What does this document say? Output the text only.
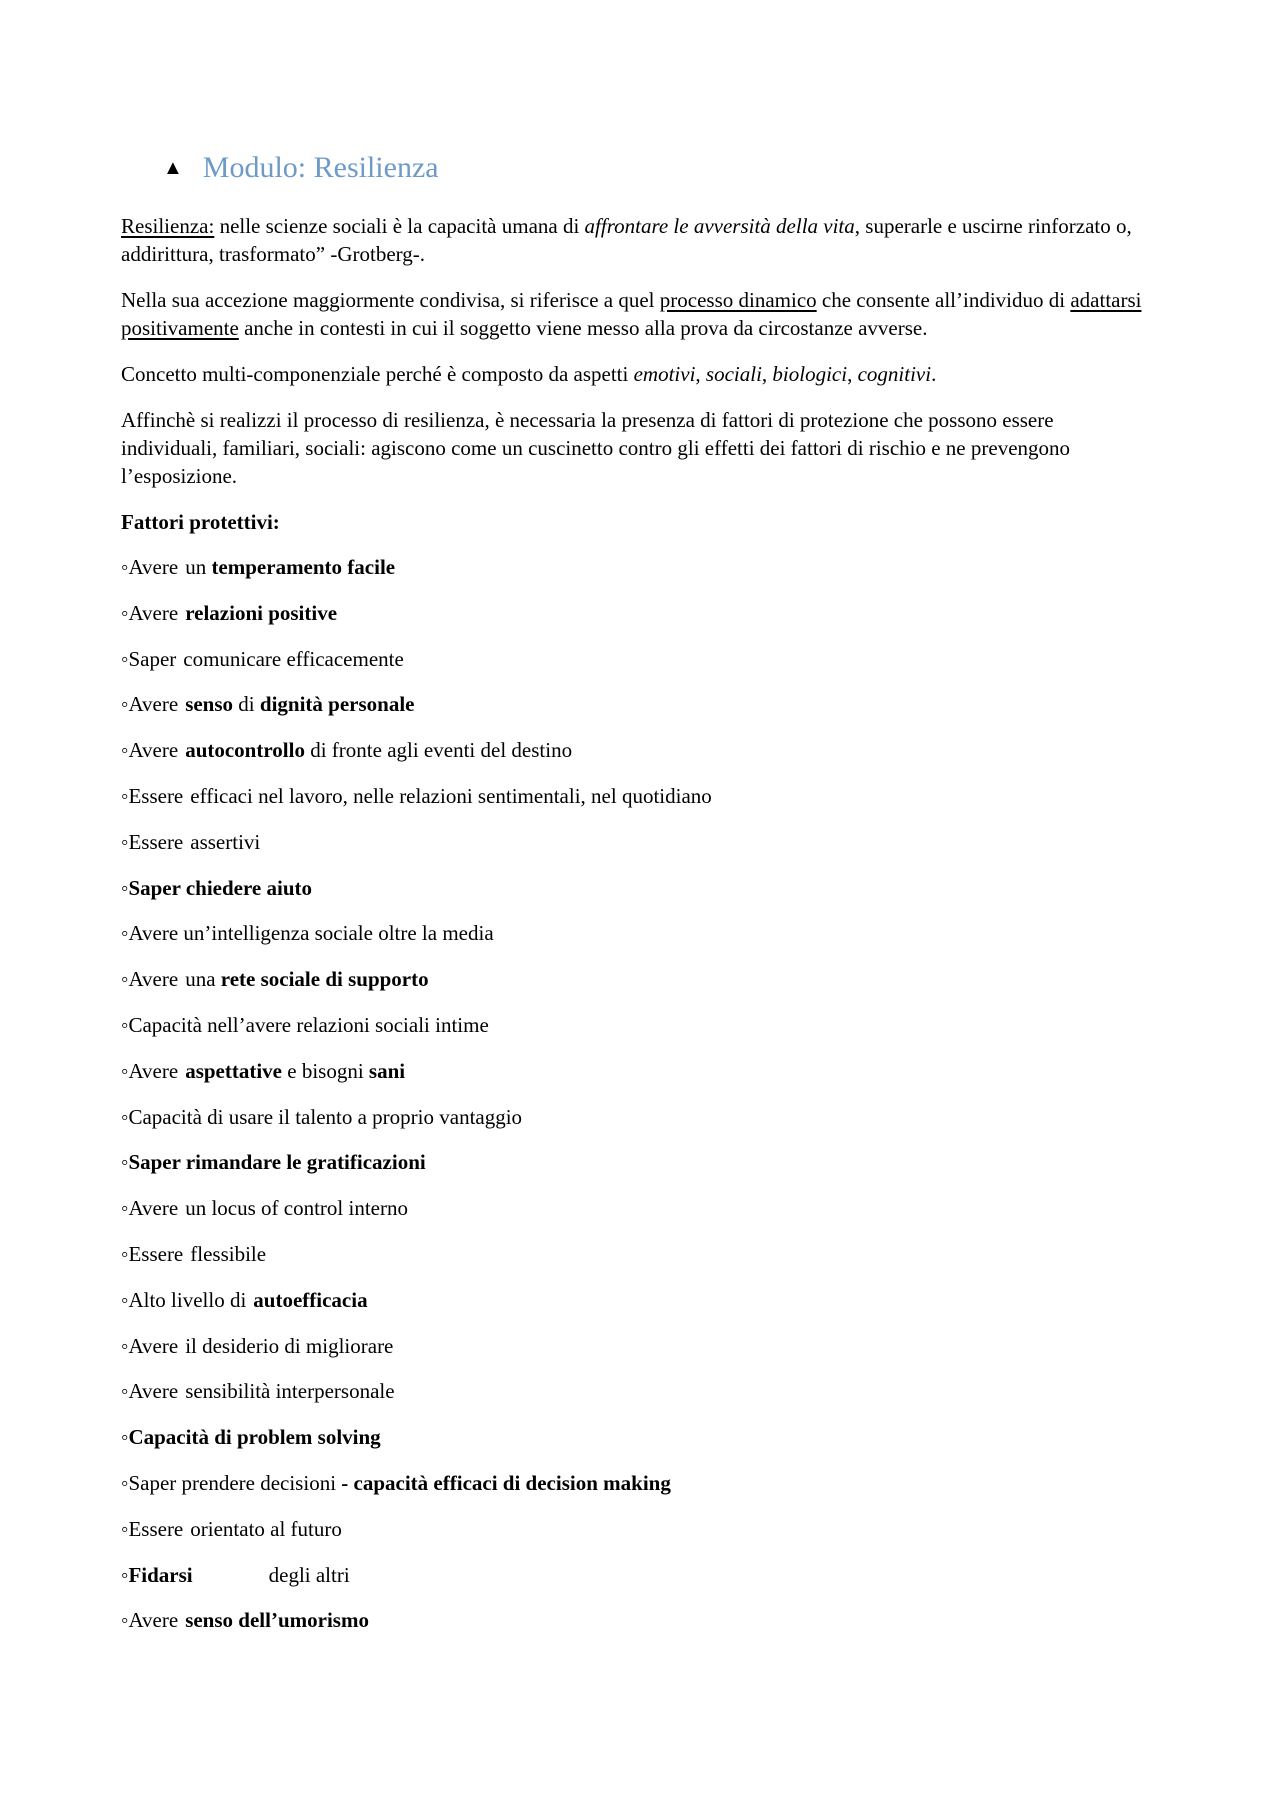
▲ Modulo: Resilienza

Resilienza: nelle scienze sociali è la capacità umana di affrontare le avversità della vita, superarle e uscirne rinforzato o, addirittura, trasformato” -Grotberg-.

Nella sua accezione maggiormente condivisa, si riferisce a quel processo dinamico che consente all’individuo di adattarsi positivamente anche in contesti in cui il soggetto viene messo alla prova da circostanze avverse.

Concetto multi-componenziale perché è composto da aspetti emotivi, sociali, biologici, cognitivi.

Affinchè si realizzi il processo di resilienza, è necessaria la presenza di fattori di protezione che possono essere individuali, familiari, sociali: agiscono come un cuscinetto contro gli effetti dei fattori di rischio e ne prevengono l’esposizione.

Fattori protettivi:
◦Avere un temperamento facile
◦Avere relazioni positive
◦Saper comunicare efficacemente
◦Avere senso di dignità personale
◦Avere autocontrollo di fronte agli eventi del destino
◦Essere efficaci nel lavoro, nelle relazioni sentimentali, nel quotidiano
◦Essere assertivi
◦Saper chiedere aiuto
◦Avere un’intelligenza sociale oltre la media
◦Avere una rete sociale di supporto
◦Capacità nell’avere relazioni sociali intime
◦Avere aspettative e bisogni sani
◦Capacità di usare il talento a proprio vantaggio
◦Saper rimandare le gratificazioni
◦Avere un locus of control interno
◦Essere flessibile
◦Alto livello di autoefficacia
◦Avere il desiderio di migliorare
◦Avere sensibilità interpersonale
◦Capacità di problem solving
◦Saper prendere decisioni - capacità efficaci di decision making
◦Essere orientato al futuro
◦Fidarsi	degli altri
◦Avere senso dell’umorismo
